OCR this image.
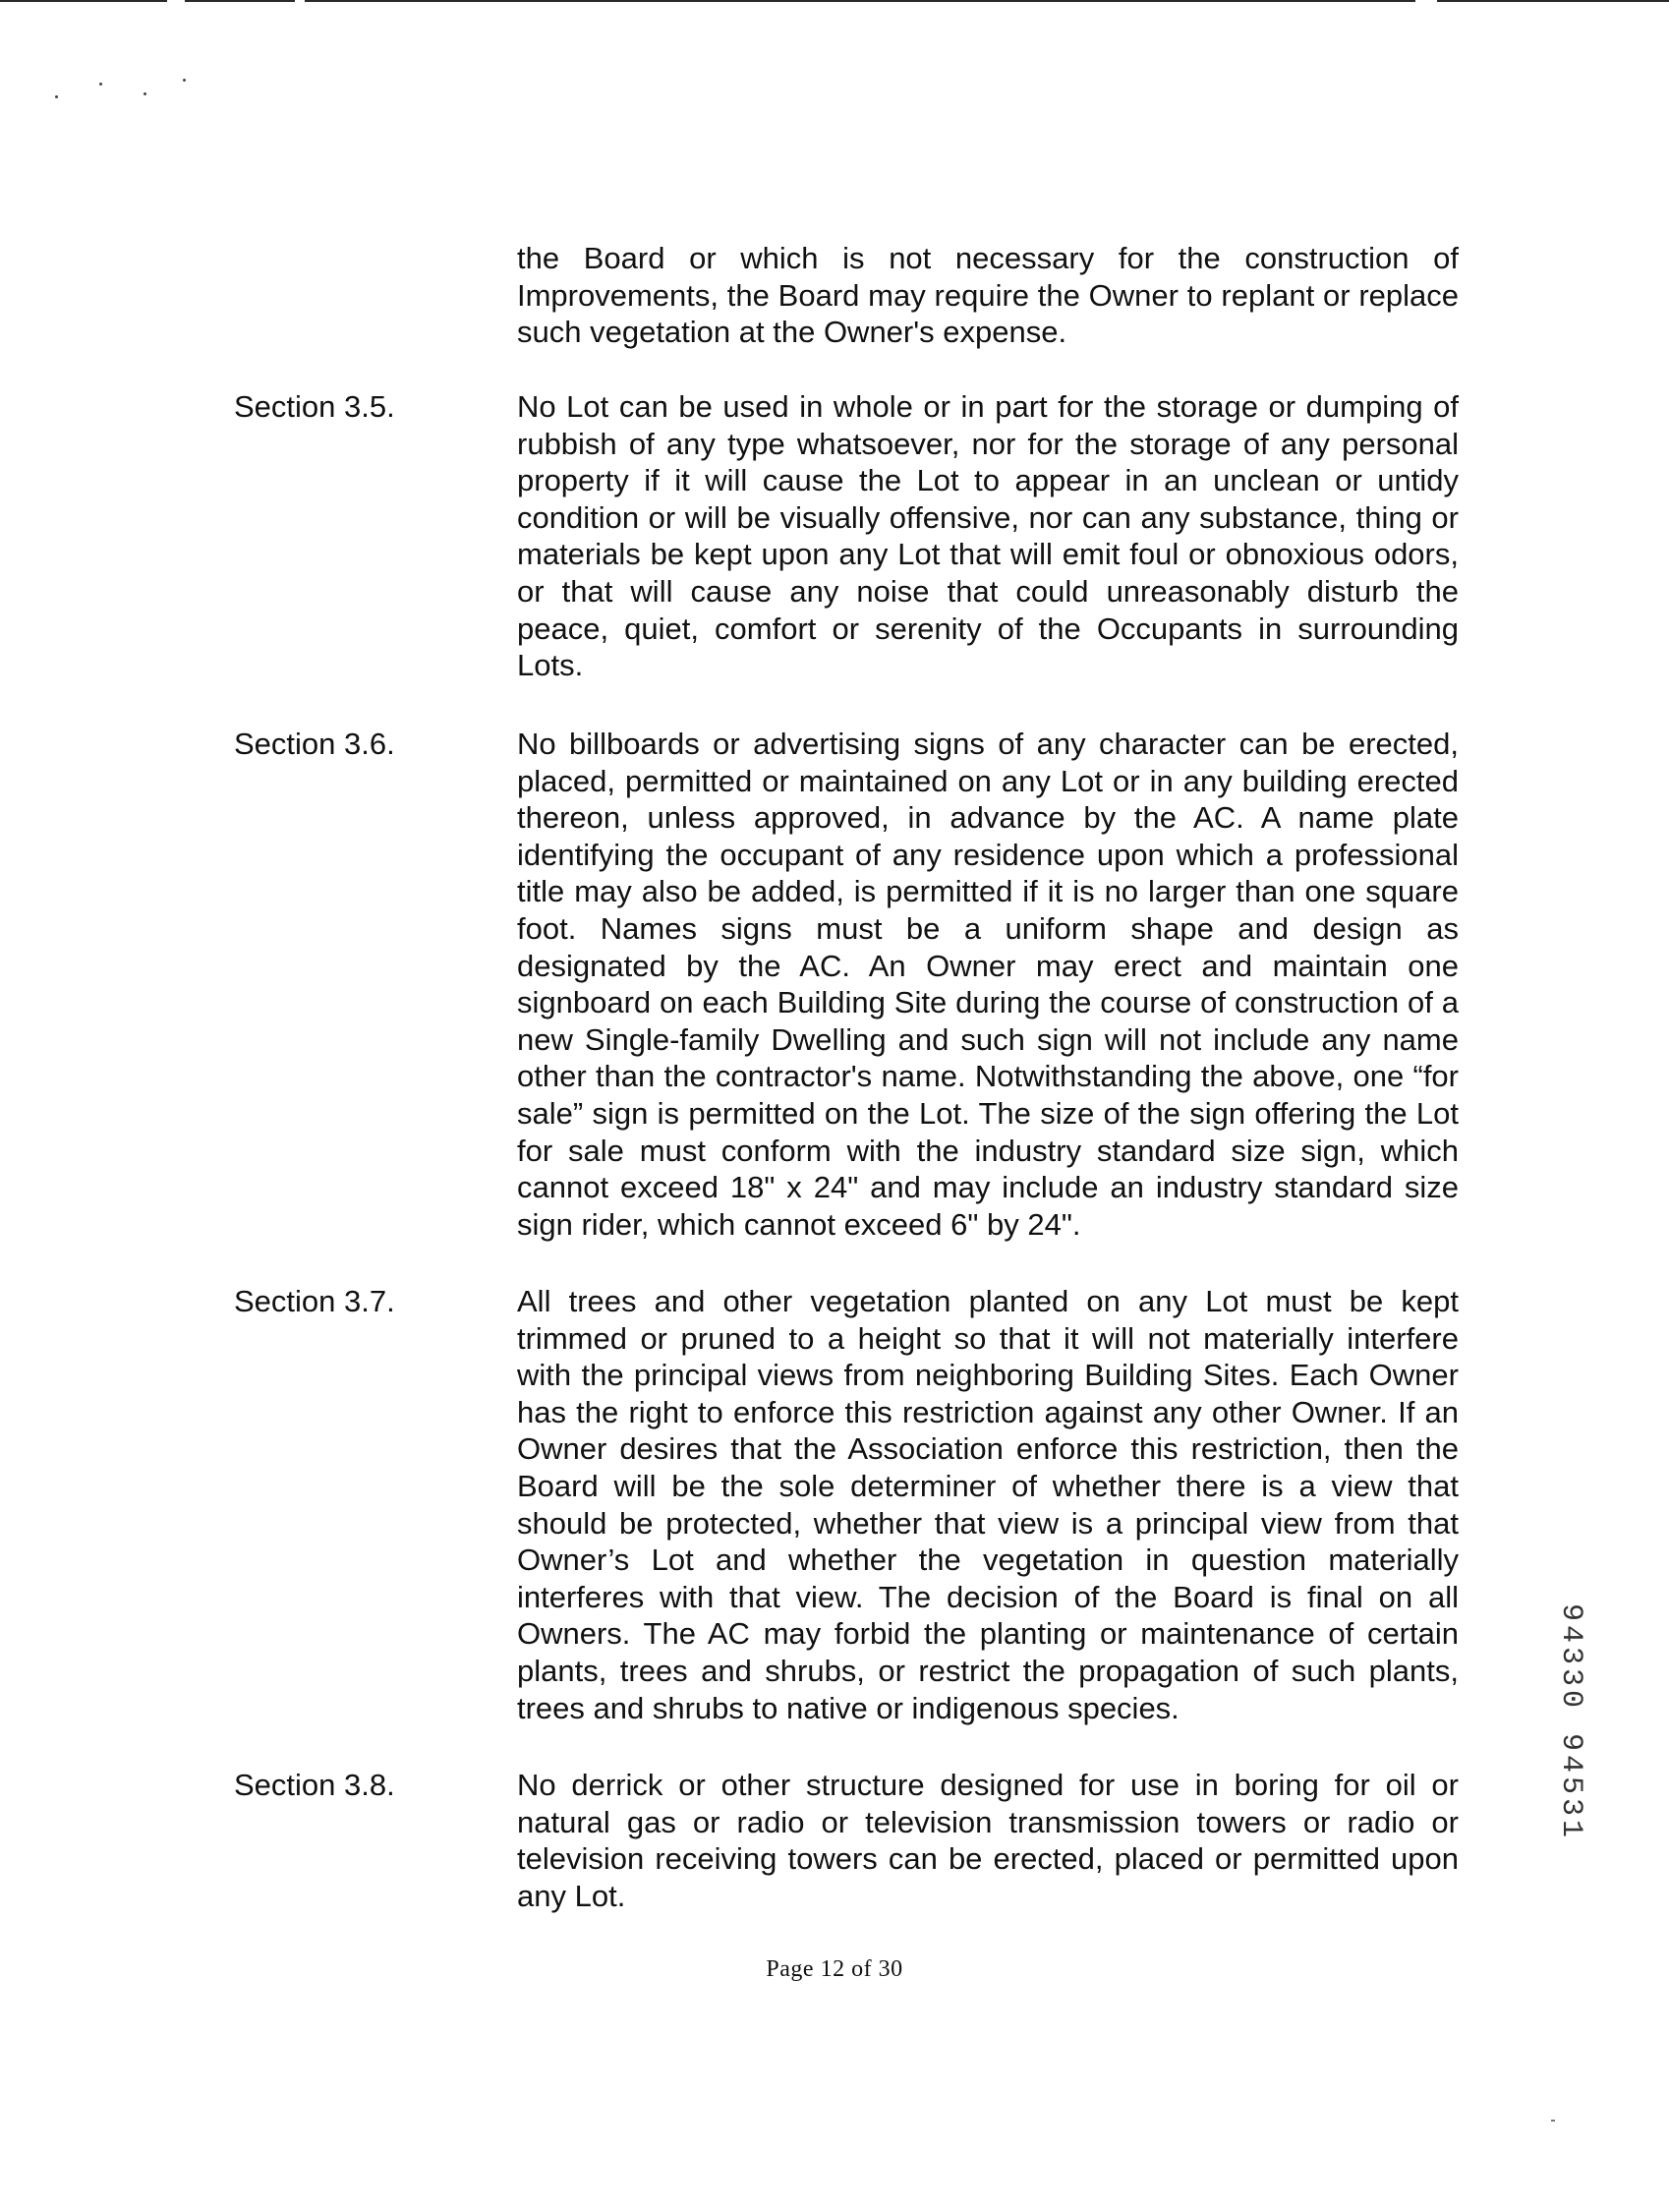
the Board or which is not necessary for the construction of Improvements, the Board may require the Owner to replant or replace such vegetation at the Owner's expense.

Section 3.5.	No Lot can be used in whole or in part for the storage or dumping of rubbish of any type whatsoever, nor for the storage of any personal property if it will cause the Lot to appear in an unclean or untidy condition or will be visually offensive, nor can any substance, thing or materials be kept upon any Lot that will emit foul or obnoxious odors, or that will cause any noise that could unreasonably disturb the peace, quiet, comfort or serenity of the Occupants in surrounding Lots.

Section 3.6.	No billboards or advertising signs of any character can be erected, placed, permitted or maintained on any Lot or in any building erected thereon, unless approved, in advance by the AC. A name plate identifying the occupant of any residence upon which a professional title may also be added, is permitted if it is no larger than one square foot. Names signs must be a uniform shape and design as designated by the AC. An Owner may erect and maintain one signboard on each Building Site during the course of construction of a new Single-family Dwelling and such sign will not include any name other than the contractor's name. Notwithstanding the above, one “for sale” sign is permitted on the Lot. The size of the sign offering the Lot for sale must conform with the industry standard size sign, which cannot exceed 18" x 24" and may include an industry standard size sign rider, which cannot exceed 6" by 24".

Section 3.7.	All trees and other vegetation planted on any Lot must be kept trimmed or pruned to a height so that it will not materially interfere with the principal views from neighboring Building Sites. Each Owner has the right to enforce this restriction against any other Owner. If an Owner desires that the Association enforce this restriction, then the Board will be the sole determiner of whether there is a view that should be protected, whether that view is a principal view from that Owner’s Lot and whether the vegetation in question materially interferes with that view. The decision of the Board is final on all Owners. The AC may forbid the planting or maintenance of certain plants, trees and shrubs, or restrict the propagation of such plants, trees and shrubs to native or indigenous species.

Section 3.8.	No derrick or other structure designed for use in boring for oil or natural gas or radio or television transmission towers or radio or television receiving towers can be erected, placed or permitted upon any Lot.

Page 12 of 30
94330 94531
